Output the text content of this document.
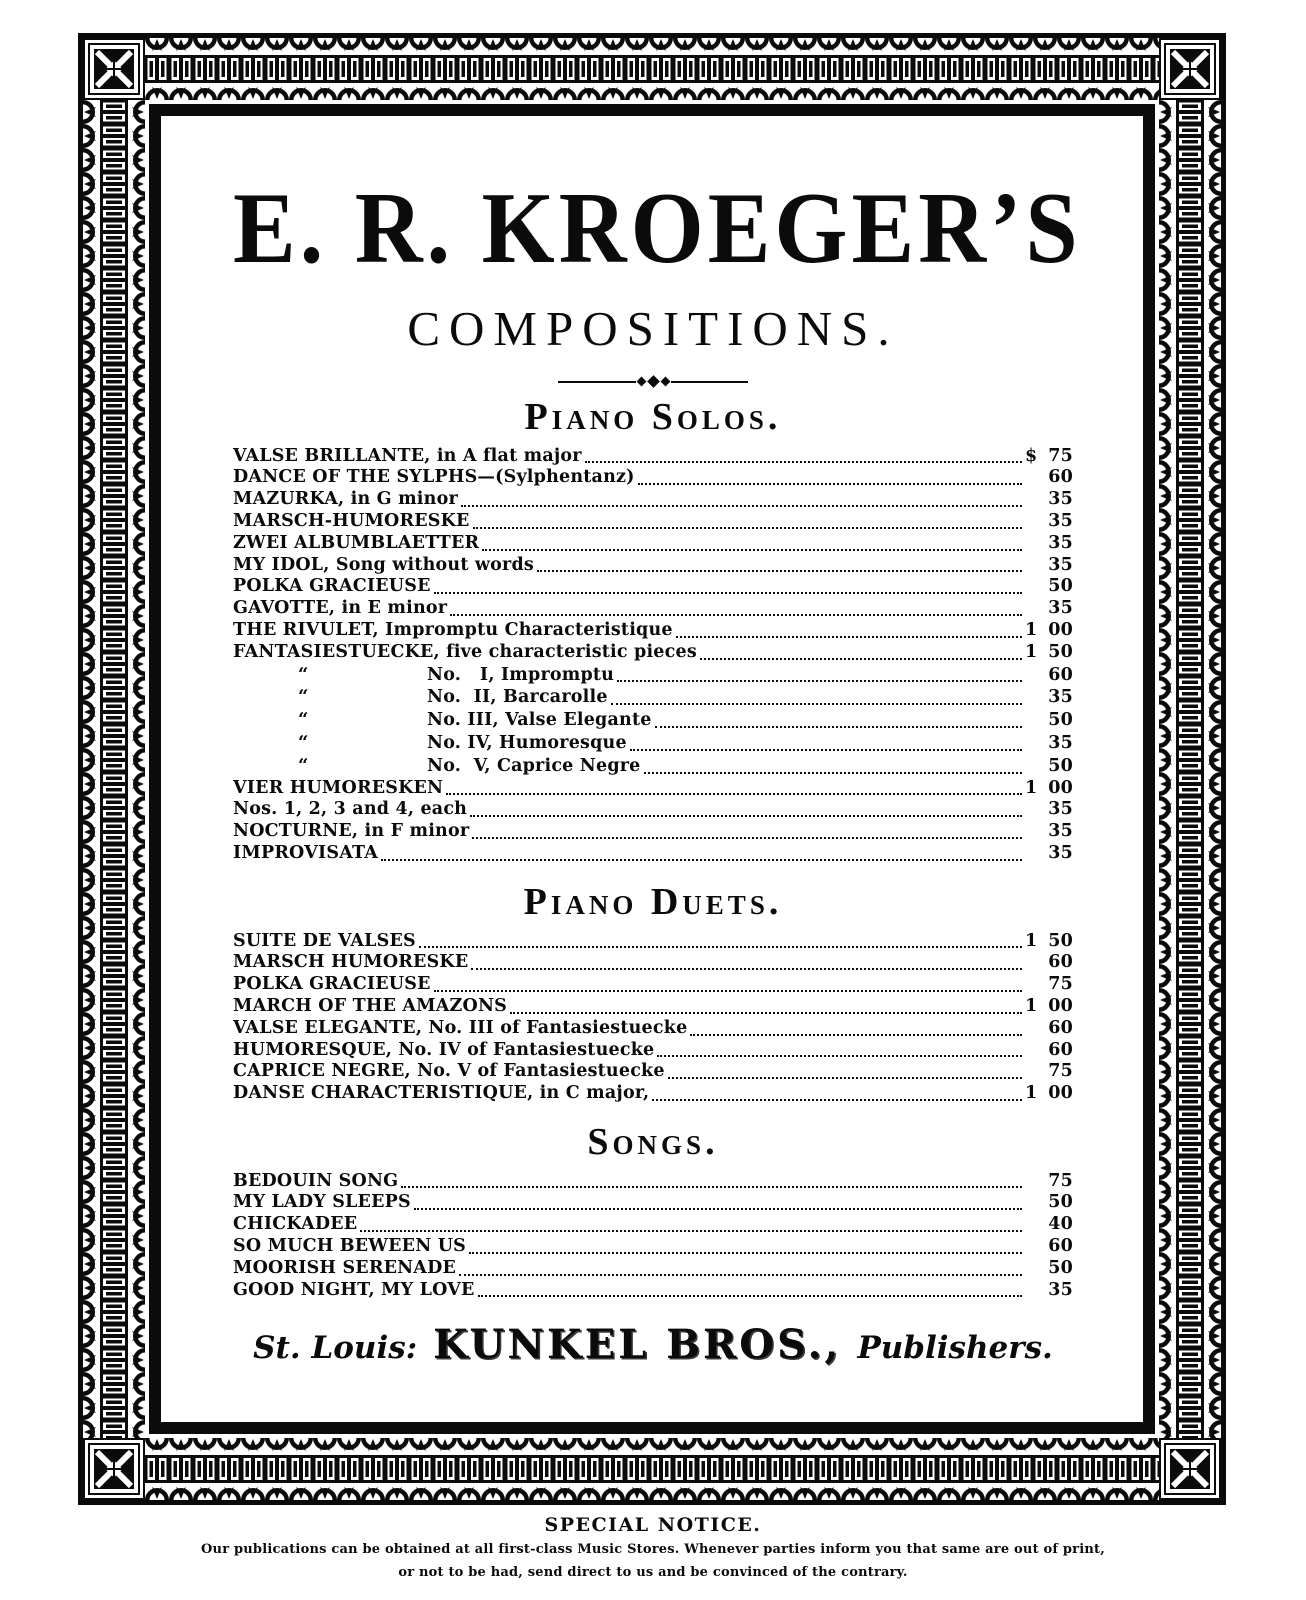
E. R. KROEGER’S
COMPOSITIONS.
Piano Solos.
VALSE BRILLANTE, in A flat major	$ 75
DANCE OF THE SYLPHS—(Sylphentanz)	60
MAZURKA, in G minor	35
MARSCH-HUMORESKE	35
ZWEI ALBUMBLAETTER	35
MY IDOL, Song without words	35
POLKA GRACIEUSE	50
GAVOTTE, in E minor	35
THE RIVULET, Impromptu Characteristique	1 00
FANTASIESTUECKE, five characteristic pieces	1 50
“	No.   I, Impromptu	60
“	No.  II, Barcarolle	35
“	No. III, Valse Elegante	50
“	No. IV, Humoresque	35
“	No.  V, Caprice Negre	50
VIER HUMORESKEN	1 00
Nos. 1, 2, 3 and 4, each	35
NOCTURNE, in F minor	35
IMPROVISATA	35
Piano Duets.
SUITE DE VALSES	1 50
MARSCH HUMORESKE	60
POLKA GRACIEUSE	75
MARCH OF THE AMAZONS	1 00
VALSE ELEGANTE, No. III of Fantasiestuecke	60
HUMORESQUE, No. IV of Fantasiestuecke	60
CAPRICE NEGRE, No. V of Fantasiestuecke	75
DANSE CHARACTERISTIQUE, in C major,	1 00
Songs.
BEDOUIN SONG	75
MY LADY SLEEPS	50
CHICKADEE	40
SO MUCH BEWEEN US	60
MOORISH SERENADE	50
GOOD NIGHT, MY LOVE	35
St. Louis: KUNKEL BROS., Publishers.

SPECIAL NOTICE.

Our publications can be obtained at all first-class Music Stores. Whenever parties inform you that same are out of print,

or not to be had, send direct to us and be convinced of the contrary.
